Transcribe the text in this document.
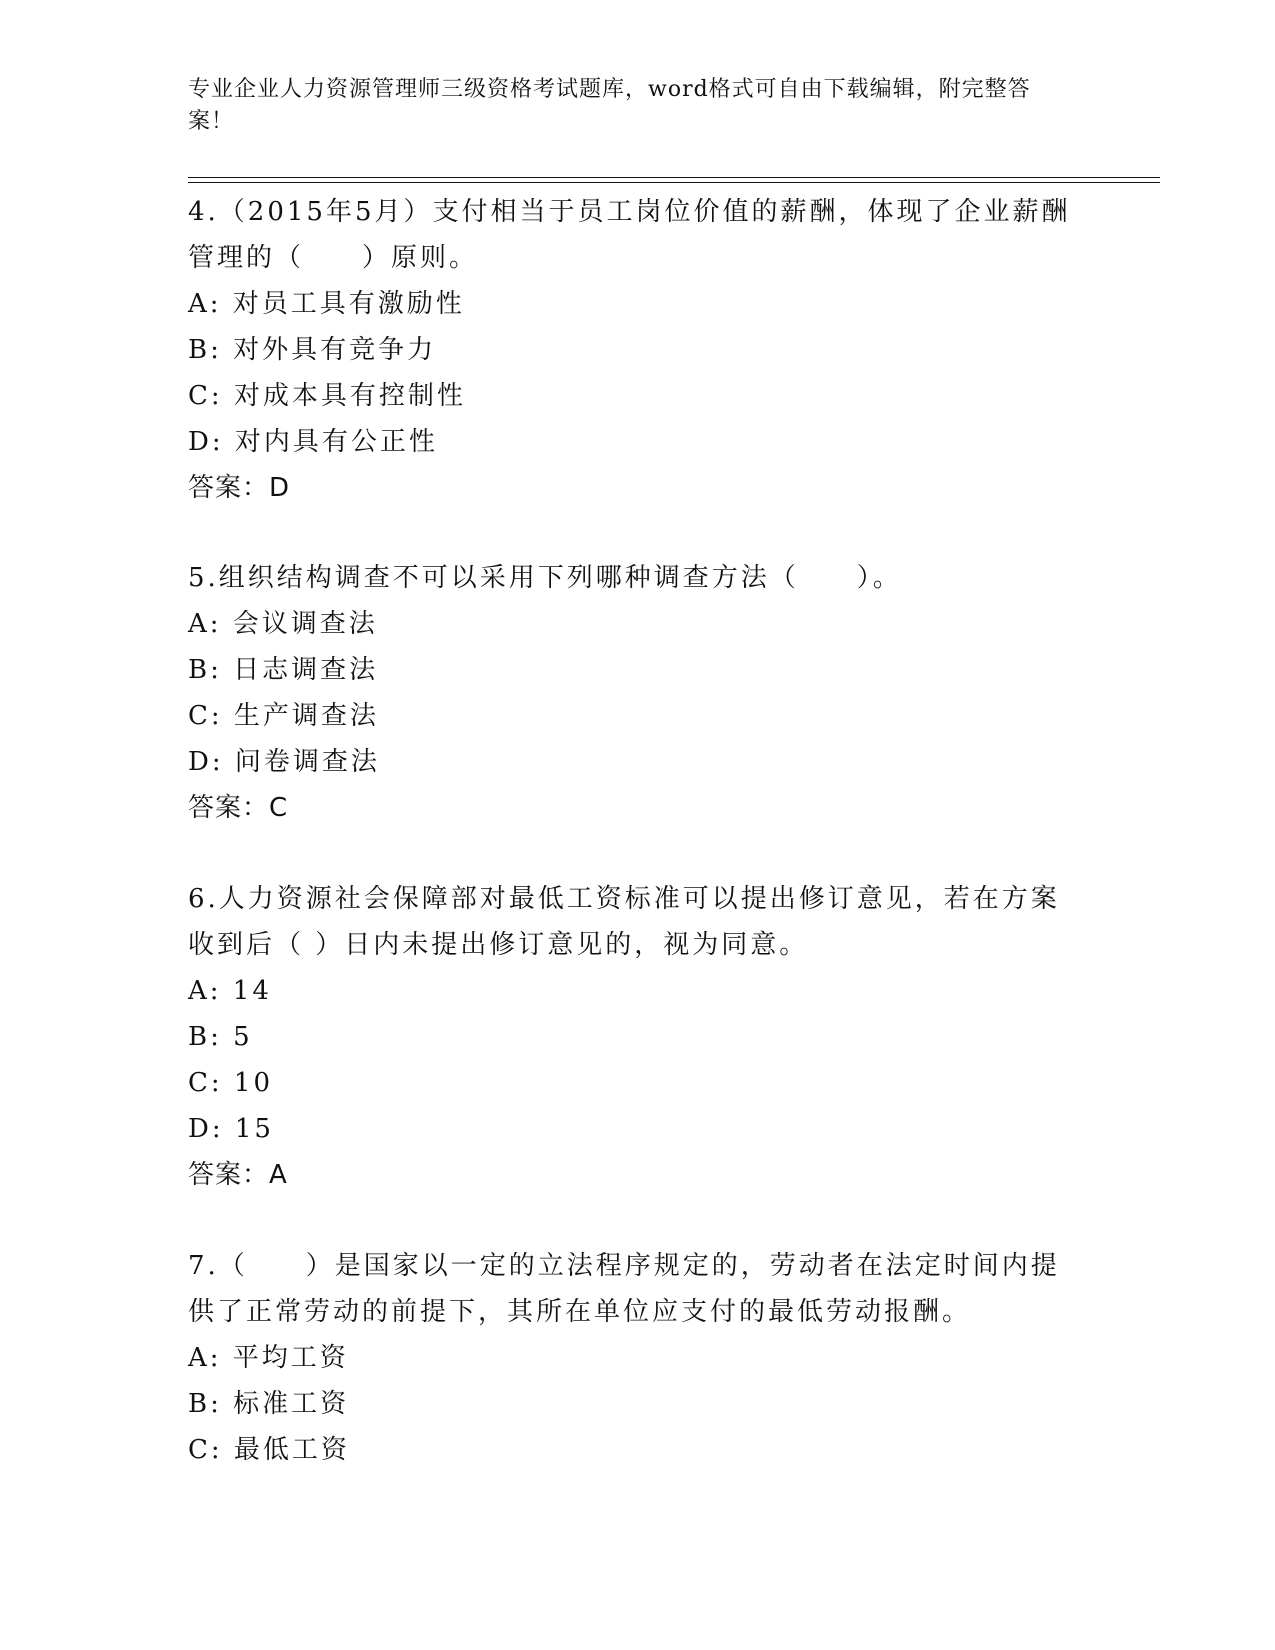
专业企业人力资源管理师三级资格考试题库，word格式可自由下载编辑，附完整答案！
4.（2015年5月）支付相当于员工岗位价值的薪酬，体现了企业薪酬管理的（　　）原则。
A: 对员工具有激励性
B: 对外具有竞争力
C: 对成本具有控制性
D: 对内具有公正性
答案：D
5.组织结构调查不可以采用下列哪种调查方法（　　）。
A: 会议调查法
B: 日志调查法
C: 生产调查法
D: 问卷调查法
答案：C
6.人力资源社会保障部对最低工资标准可以提出修订意见，若在方案收到后（ ）日内未提出修订意见的，视为同意。
A: 14
B: 5
C: 10
D: 15
答案：A
7.（　　）是国家以一定的立法程序规定的，劳动者在法定时间内提供了正常劳动的前提下，其所在单位应支付的最低劳动报酬。
A: 平均工资
B: 标准工资
C: 最低工资
